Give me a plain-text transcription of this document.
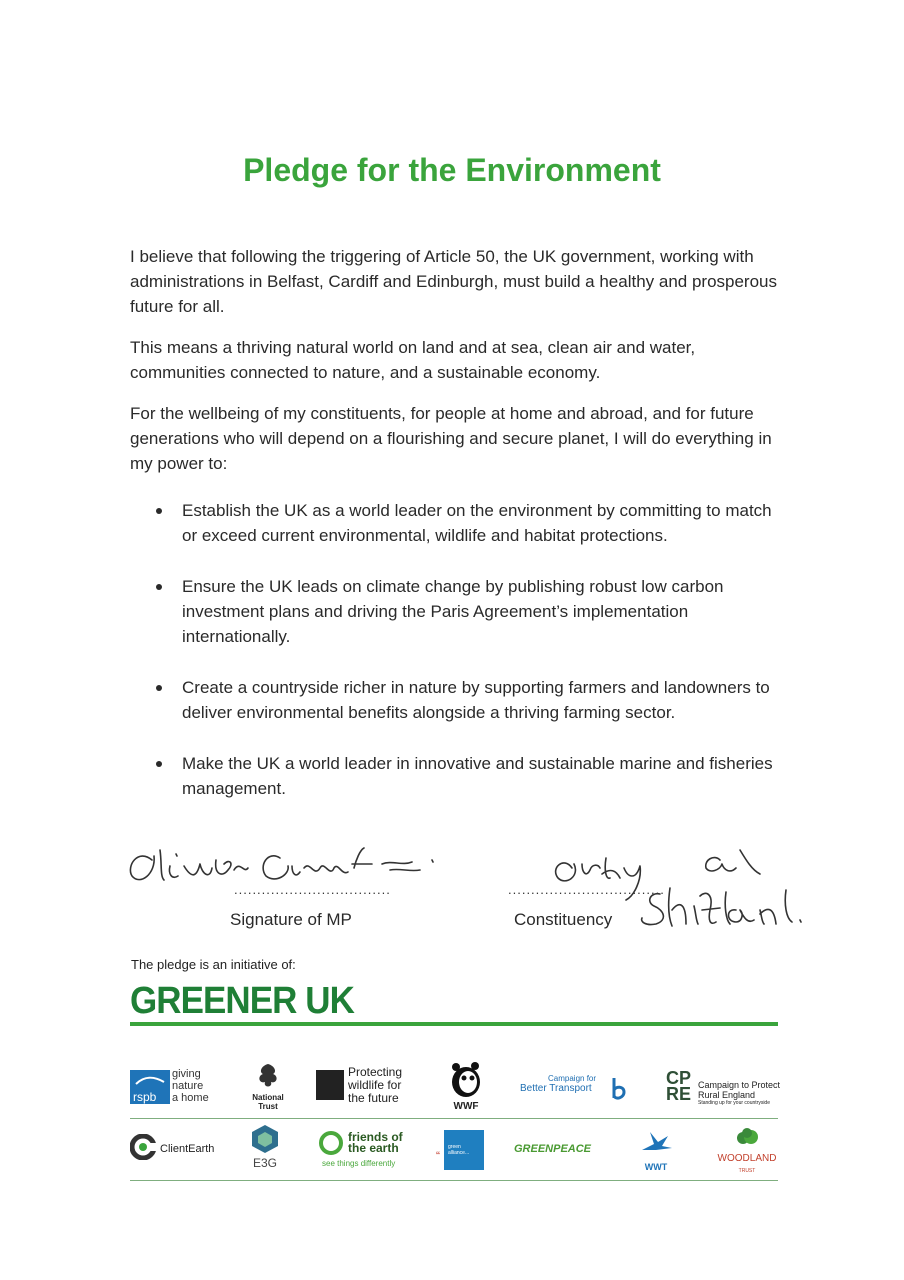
Pledge for the Environment

I believe that following the triggering of Article 50, the UK government, working with administrations in Belfast, Cardiff and Edinburgh, must build a healthy and prosperous future for all.

This means a thriving natural world on land and at sea, clean air and water, communities connected to nature, and a sustainable economy.

For the wellbeing of my constituents, for people at home and abroad, and for future generations who will depend on a flourishing and secure planet, I will do everything in my power to:

Establish the UK as a world leader on the environment by committing to match or exceed current environmental, wildlife and habitat protections.
Ensure the UK leads on climate change by publishing robust low carbon investment plans and driving the Paris Agreement’s implementation internationally.
Create a countryside richer in nature by supporting farmers and landowners to deliver environmental benefits alongside a thriving farming sector.
Make the UK a world leader in innovative and sustainable marine and fisheries management.
..................................	..................................
Signature of MP	Constituency
The pledge is an initiative of:
GREENER UK
rspb
giving
nature
a home	National
Trust
Protecting
wildlife for
the future
WWF
Campaign for
Better Transport
CP
RE Campaign to Protect
Rural England
Standing up for your countryside
ClientEarth
E3G
friends of
the earth
see things differently
“
green
alliance...	GREENPEACE
WWT
WOODLAND
TRUST
